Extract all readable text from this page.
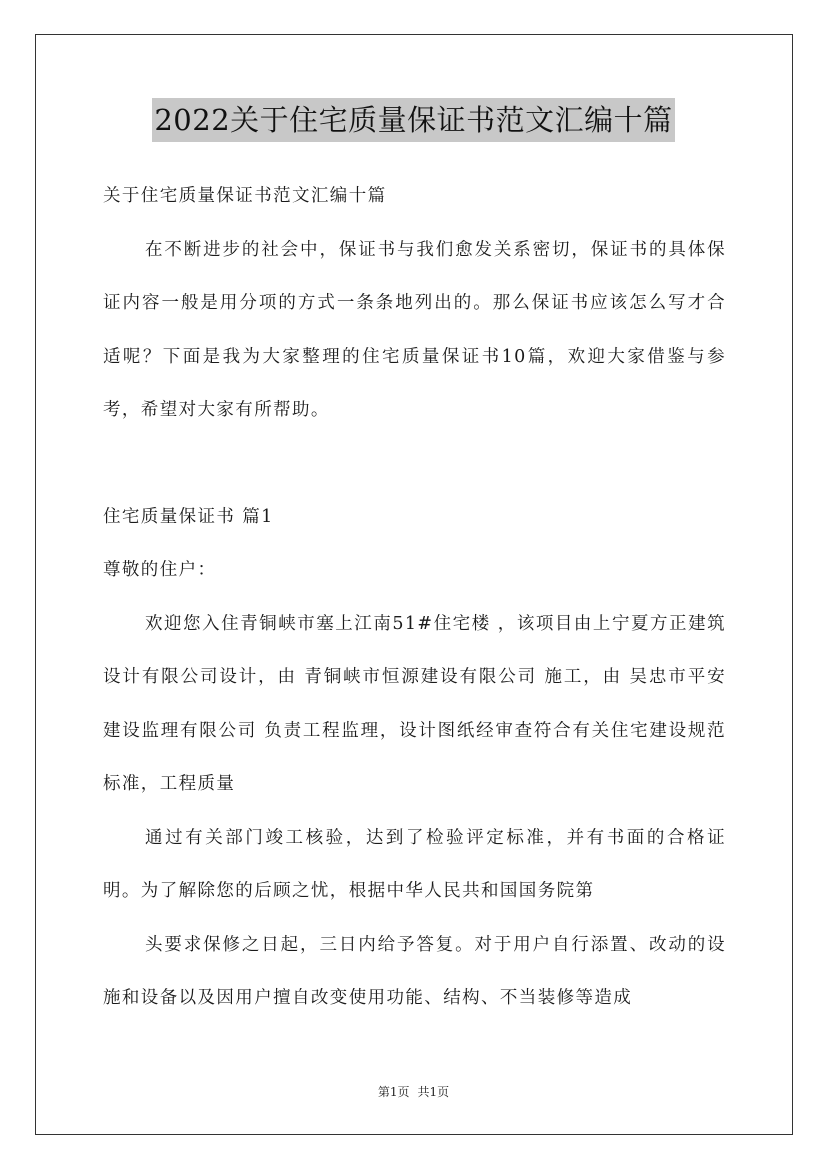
2022关于住宅质量保证书范文汇编十篇

关于住宅质量保证书范文汇编十篇

在不断进步的社会中，保证书与我们愈发关系密切，保证书的具体保证内容一般是用分项的方式一条条地列出的。那么保证书应该怎么写才合适呢？下面是我为大家整理的住宅质量保证书10篇，欢迎大家借鉴与参考，希望对大家有所帮助。

住宅质量保证书 篇1

尊敬的住户：

欢迎您入住青铜峡市塞上江南51#住宅楼 ，该项目由上宁夏方正建筑设计有限公司设计，由 青铜峡市恒源建设有限公司 施工，由 吴忠市平安建设监理有限公司 负责工程监理，设计图纸经审查符合有关住宅建设规范标准，工程质量

通过有关部门竣工核验，达到了检验评定标准，并有书面的合格证明。为了解除您的后顾之忧，根据中华人民共和国国务院第

头要求保修之日起，三日内给予答复。对于用户自行添置、改动的设施和设备以及因用户擅自改变使用功能、结构、不当装修等造成

第1页 共1页
